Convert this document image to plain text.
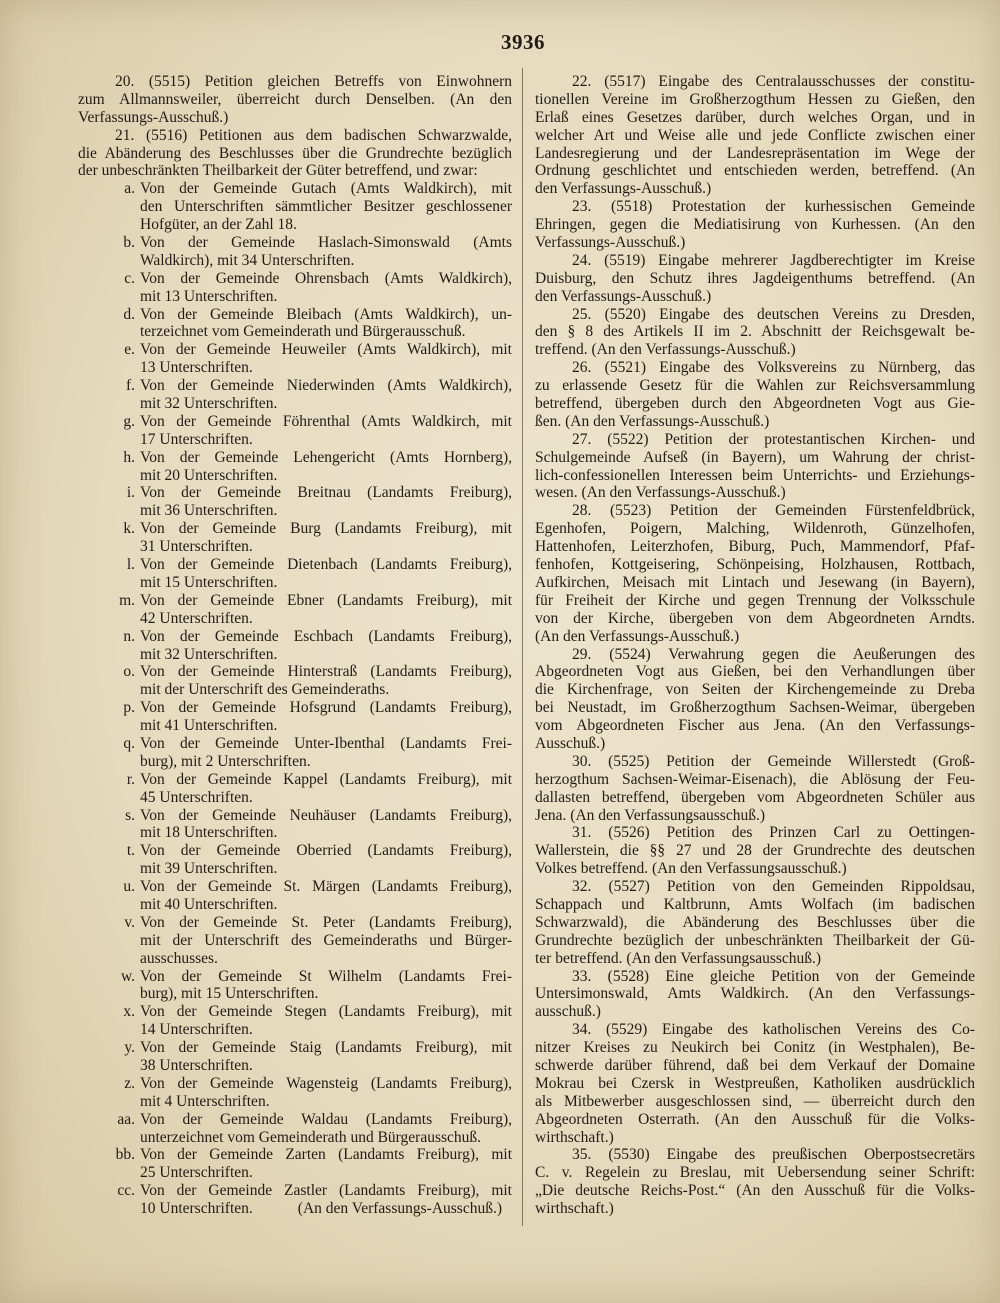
3936
20. (5515) Petition gleichen Betreffs von Einwohnern
zum Allmannsweiler, überreicht durch Denselben. (An den
Verfassungs-Ausschuß.)
21. (5516) Petitionen aus dem badischen Schwarzwalde,
die Abänderung des Beschlusses über die Grundrechte bezüglich
der unbeschränkten Theilbarkeit der Güter betreffend, und zwar:
a. Von der Gemeinde Gutach (Amts Waldkirch), mit
den Unterschriften sämmtlicher Besitzer geschlossener
Hofgüter, an der Zahl 18.
b. Von der Gemeinde Haslach-Simonswald (Amts
Waldkirch), mit 34 Unterschriften.
c. Von der Gemeinde Ohrensbach (Amts Waldkirch),
mit 13 Unterschriften.
d. Von der Gemeinde Bleibach (Amts Waldkirch), un-
terzeichnet vom Gemeinderath und Bürgerausschuß.
e. Von der Gemeinde Heuweiler (Amts Waldkirch), mit
13 Unterschriften.
f. Von der Gemeinde Niederwinden (Amts Waldkirch),
mit 32 Unterschriften.
g. Von der Gemeinde Föhrenthal (Amts Waldkirch, mit
17 Unterschriften.
h. Von der Gemeinde Lehengericht (Amts Hornberg),
mit 20 Unterschriften.
i. Von der Gemeinde Breitnau (Landamts Freiburg),
mit 36 Unterschriften.
k. Von der Gemeinde Burg (Landamts Freiburg), mit
31 Unterschriften.
l. Von der Gemeinde Dietenbach (Landamts Freiburg),
mit 15 Unterschriften.
m. Von der Gemeinde Ebner (Landamts Freiburg), mit
42 Unterschriften.
n. Von der Gemeinde Eschbach (Landamts Freiburg),
mit 32 Unterschriften.
o. Von der Gemeinde Hinterstraß (Landamts Freiburg),
mit der Unterschrift des Gemeinderaths.
p. Von der Gemeinde Hofsgrund (Landamts Freiburg),
mit 41 Unterschriften.
q. Von der Gemeinde Unter-Ibenthal (Landamts Frei-
burg), mit 2 Unterschriften.
r. Von der Gemeinde Kappel (Landamts Freiburg), mit
45 Unterschriften.
s. Von der Gemeinde Neuhäuser (Landamts Freiburg),
mit 18 Unterschriften.
t. Von der Gemeinde Oberried (Landamts Freiburg),
mit 39 Unterschriften.
u. Von der Gemeinde St. Märgen (Landamts Freiburg),
mit 40 Unterschriften.
v. Von der Gemeinde St. Peter (Landamts Freiburg),
mit der Unterschrift des Gemeinderaths und Bürger-
ausschusses.
w. Von der Gemeinde St Wilhelm (Landamts Frei-
burg), mit 15 Unterschriften.
x. Von der Gemeinde Stegen (Landamts Freiburg), mit
14 Unterschriften.
y. Von der Gemeinde Staig (Landamts Freiburg), mit
38 Unterschriften.
z. Von der Gemeinde Wagensteig (Landamts Freiburg),
mit 4 Unterschriften.
aa. Von der Gemeinde Waldau (Landamts Freiburg),
unterzeichnet vom Gemeinderath und Bürgerausschuß.
bb. Von der Gemeinde Zarten (Landamts Freiburg), mit
25 Unterschriften.
cc. Von der Gemeinde Zastler (Landamts Freiburg), mit
(An den Verfassungs-Ausschuß.)
10 Unterschriften.
22. (5517) Eingabe des Centralausschusses der constitu-
tionellen Vereine im Großherzogthum Hessen zu Gießen, den
Erlaß eines Gesetzes darüber, durch welches Organ, und in
welcher Art und Weise alle und jede Conflicte zwischen einer
Landesregierung und der Landesrepräsentation im Wege der
Ordnung geschlichtet und entschieden werden, betreffend. (An
den Verfassungs-Ausschuß.)
23. (5518) Protestation der kurhessischen Gemeinde
Ehringen, gegen die Mediatisirung von Kurhessen. (An den
Verfassungs-Ausschuß.)
24. (5519) Eingabe mehrerer Jagdberechtigter im Kreise
Duisburg, den Schutz ihres Jagdeigenthums betreffend. (An
den Verfassungs-Ausschuß.)
25. (5520) Eingabe des deutschen Vereins zu Dresden,
den § 8 des Artikels II im 2. Abschnitt der Reichsgewalt be-
treffend. (An den Verfassungs-Ausschuß.)
26. (5521) Eingabe des Volksvereins zu Nürnberg, das
zu erlassende Gesetz für die Wahlen zur Reichsversammlung
betreffend, übergeben durch den Abgeordneten Vogt aus Gie-
ßen. (An den Verfassungs-Ausschuß.)
27. (5522) Petition der protestantischen Kirchen- und
Schulgemeinde Aufseß (in Bayern), um Wahrung der christ-
lich-confessionellen Interessen beim Unterrichts- und Erziehungs-
wesen. (An den Verfassungs-Ausschuß.)
28. (5523) Petition der Gemeinden Fürstenfeldbrück,
Egenhofen, Poigern, Malching, Wildenroth, Günzelhofen,
Hattenhofen, Leiterzhofen, Biburg, Puch, Mammendorf, Pfaf-
fenhofen, Kottgeisering, Schönpeising, Holzhausen, Rottbach,
Aufkirchen, Meisach mit Lintach und Jesewang (in Bayern),
für Freiheit der Kirche und gegen Trennung der Volksschule
von der Kirche, übergeben von dem Abgeordneten Arndts.
(An den Verfassungs-Ausschuß.)
29. (5524) Verwahrung gegen die Aeußerungen des
Abgeordneten Vogt aus Gießen, bei den Verhandlungen über
die Kirchenfrage, von Seiten der Kirchengemeinde zu Dreba
bei Neustadt, im Großherzogthum Sachsen-Weimar, übergeben
vom Abgeordneten Fischer aus Jena. (An den Verfassungs-
Ausschuß.)
30. (5525) Petition der Gemeinde Willerstedt (Groß-
herzogthum Sachsen-Weimar-Eisenach), die Ablösung der Feu-
dallasten betreffend, übergeben vom Abgeordneten Schüler aus
Jena. (An den Verfassungsausschuß.)
31. (5526) Petition des Prinzen Carl zu Oettingen-
Wallerstein, die §§ 27 und 28 der Grundrechte des deutschen
Volkes betreffend. (An den Verfassungsausschuß.)
32. (5527) Petition von den Gemeinden Rippoldsau,
Schappach und Kaltbrunn, Amts Wolfach (im badischen
Schwarzwald), die Abänderung des Beschlusses über die
Grundrechte bezüglich der unbeschränkten Theilbarkeit der Gü-
ter betreffend. (An den Verfassungsausschuß.)
33. (5528) Eine gleiche Petition von der Gemeinde
Untersimonswald, Amts Waldkirch. (An den Verfassungs-
ausschuß.)
34. (5529) Eingabe des katholischen Vereins des Co-
nitzer Kreises zu Neukirch bei Conitz (in Westphalen), Be-
schwerde darüber führend, daß bei dem Verkauf der Domaine
Mokrau bei Czersk in Westpreußen, Katholiken ausdrücklich
als Mitbewerber ausgeschlossen sind, — überreicht durch den
Abgeordneten Osterrath. (An den Ausschuß für die Volks-
wirthschaft.)
35. (5530) Eingabe des preußischen Oberpostsecretärs
C. v. Regelein zu Breslau, mit Uebersendung seiner Schrift:
„Die deutsche Reichs-Post.“ (An den Ausschuß für die Volks-
wirthschaft.)
